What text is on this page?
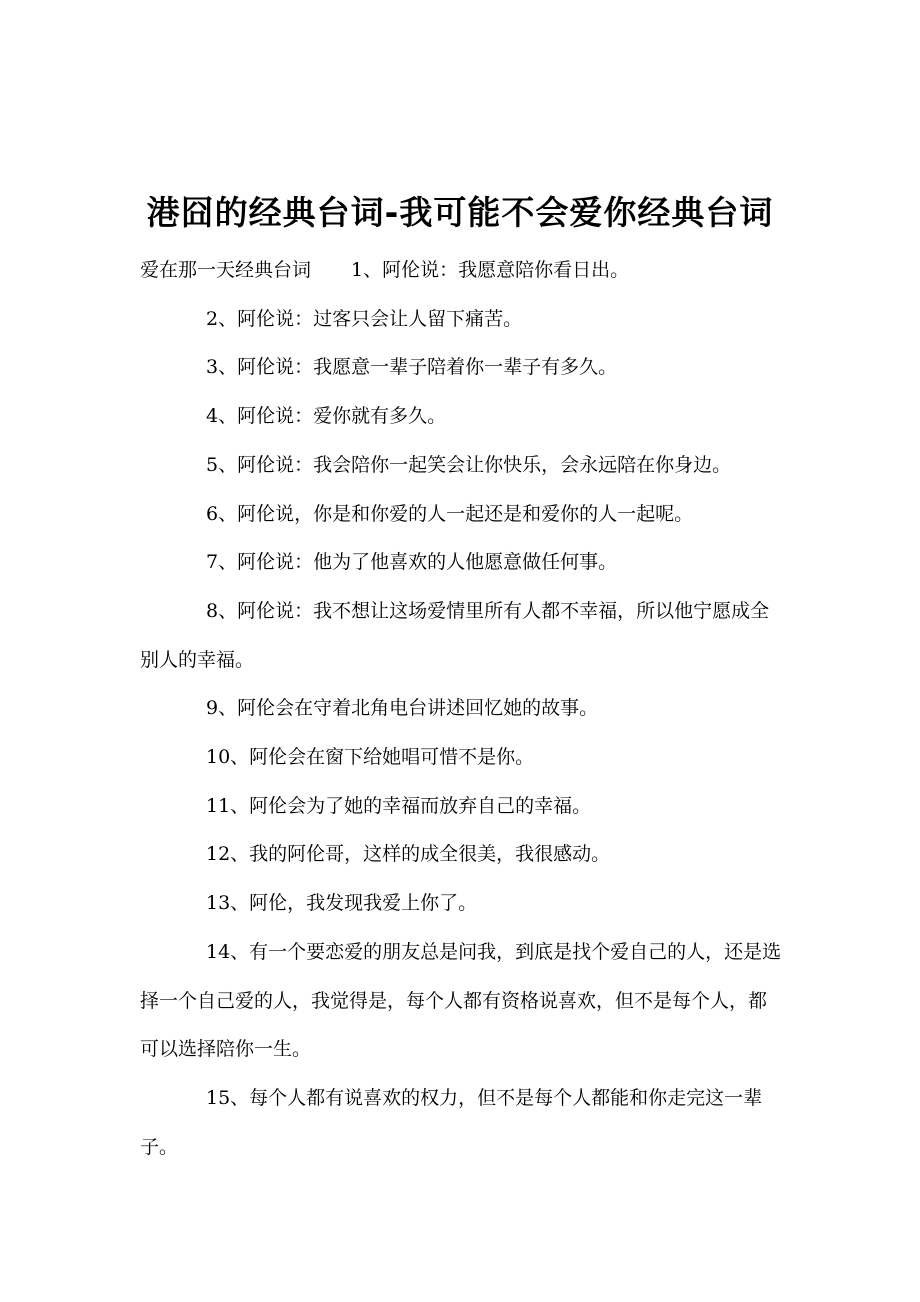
港囧的经典台词-我可能不会爱你经典台词

爱在那一天经典台词 1、阿伦说：我愿意陪你看日出。

2、阿伦说：过客只会让人留下痛苦。

3、阿伦说：我愿意一辈子陪着你一辈子有多久。

4、阿伦说：爱你就有多久。

5、阿伦说：我会陪你一起笑会让你快乐，会永远陪在你身边。

6、阿伦说，你是和你爱的人一起还是和爱你的人一起呢。

7、阿伦说：他为了他喜欢的人他愿意做任何事。

8、阿伦说：我不想让这场爱情里所有人都不幸福，所以他宁愿成全别人的幸福。

9、阿伦会在守着北角电台讲述回忆她的故事。

10、阿伦会在窗下给她唱可惜不是你。

11、阿伦会为了她的幸福而放弃自己的幸福。

12、我的阿伦哥，这样的成全很美，我很感动。

13、阿伦，我发现我爱上你了。

14、有一个要恋爱的朋友总是问我，到底是找个爱自己的人，还是选择一个自己爱的人，我觉得是，每个人都有资格说喜欢，但不是每个人，都可以选择陪你一生。

15、每个人都有说喜欢的权力，但不是每个人都能和你走完这一辈子。
